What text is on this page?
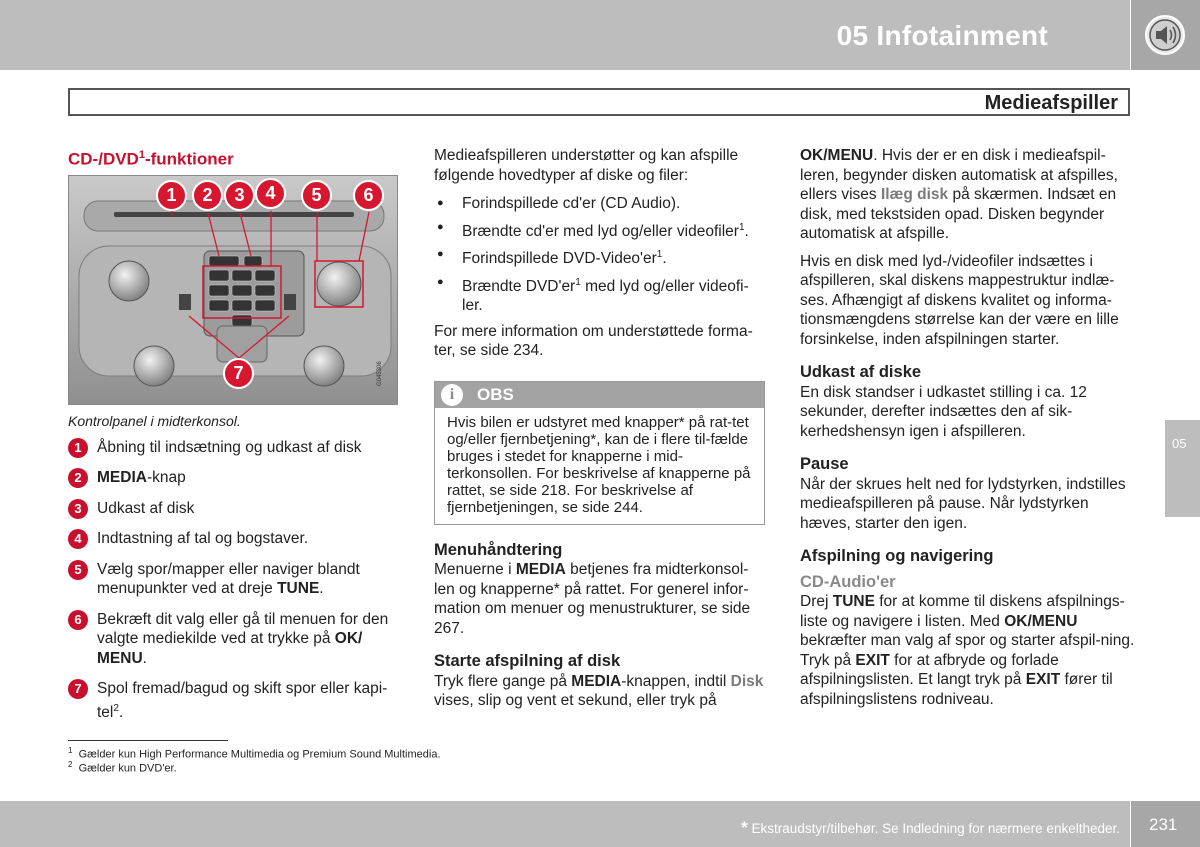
05 Infotainment
Medieafspiller
CD-/DVD$^1$-funktioner
G045306
1	2	3	4	5	6
7
Kontrolpanel i midterkonsol.
1 Åbning til indsætning og udkast af disk
2 MEDIA-knap
3 Udkast af disk
4 Indtastning af tal og bogstaver.
5 Vælg spor/mapper eller naviger blandt menupunkter ved at dreje TUNE.
6 Bekræft dit valg eller gå til menuen for den valgte mediekilde ved at trykke på OK/ MENU.
7 Spol fremad/bagud og skift spor eller kapi-tel$^2$.
Medieafspilleren understøtter og kan afspille følgende hovedtyper af diske og filer:
● Forindspillede cd'er (CD Audio).
● Brændte cd'er med lyd og/eller videofiler$^1$.
● Forindspillede DVD-$Video'er^1$.
● Brændte $DVD'er^1$ med lyd og/eller videofi-ler.
For mere information om understøttede forma-ter, se side 234.
i	OBS
Hvis bilen er udstyret med knapper* på rat-tet og/eller fjernbetjening*, kan de i flere til-fælde bruges i stedet for knapperne i mid-terkonsollen. For beskrivelse af knapperne på rattet, se side 218. For beskrivelse af fjernbetjeningen, se side 244.
Menuhåndtering
Menuerne i MEDIA betjenes fra midterkonsol-len og knapperne* på rattet. For generel infor-mation om menuer og menustrukturer, se side 267.
Starte afspilning af disk
Tryk flere gange på MEDIA-knappen, indtil Disk vises, slip og vent et sekund, eller tryk på
OK/MENU. Hvis der er en disk i medieafspil-leren, begynder disken automatisk at afspilles, ellers vises Ilæg disk på skærmen. Indsæt en disk, med tekstsiden opad. Disken begynder automatisk at afspille.
Hvis en disk med lyd-/videofiler indsættes i afspilleren, skal diskens mappestruktur indlæ-ses. Afhængigt af diskens kvalitet og informa-tionsmængdens størrelse kan der være en lille forsinkelse, inden afspilningen starter.
Udkast af diske
En disk standser i udkastet stilling i ca. 12 sekunder, derefter indsættes den af sik-kerhedshensyn igen i afspilleren.
Pause
Når der skrues helt ned for lydstyrken, indstilles medieafspilleren på pause. Når lydstyrken hæves, starter den igen.
Afspilning og navigering
CD-Audio'er
Drej TUNE for at komme til diskens afspilnings-liste og navigere i listen. Med OK/MENU bekræfter man valg af spor og starter afspil-ning. Tryk på EXIT for at afbryde og forlade afspilningslisten. Et langt tryk på EXIT fører til afspilningslistens rodniveau.
05
$^1$ Gælder kun High Performance Multimedia og Premium Sound Multimedia.
$^2$ Gælder kun DVD'er.
* Ekstraudstyr/tilbehør. Se Indledning for nærmere enkeltheder. 231
